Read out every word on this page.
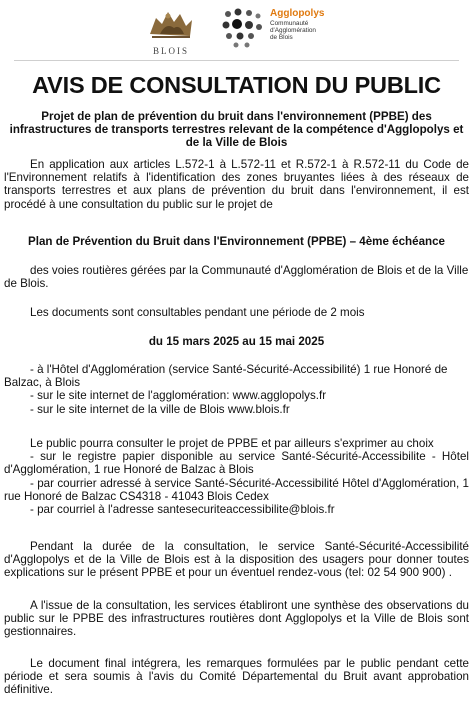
BLOIS
Agglopolys
Communauté
d'Agglomération
de Blois
AVIS DE CONSULTATION DU PUBLIC
Projet de plan de prévention du bruit dans l'environnement (PPBE) des infrastructures de transports terrestres relevant de la compétence d'Agglopolys et de la Ville de Blois
En application aux articles L.572-1 à L.572-11 et R.572-1 à R.572-11 du Code de l'Environnement relatifs à l'identification des zones bruyantes liées à des réseaux de transports terrestres et aux plans de prévention du bruit dans l'environnement, il est procédé à une consultation du public sur le projet de
Plan de Prévention du Bruit dans l'Environnement (PPBE) – 4ème échéance
des voies routières gérées par la Communauté d'Agglomération de Blois et de la Ville de Blois.
Les documents sont consultables pendant une période de 2 mois
du 15 mars 2025 au 15 mai 2025
- à l'Hôtel d'Agglomération (service Santé-Sécurité-Accessibilité) 1 rue Honoré de Balzac, à Blois
- sur le site internet de l'agglomération: www.agglopolys.fr
- sur le site internet de la ville de Blois www.blois.fr
Le public pourra consulter le projet de PPBE et par ailleurs s'exprimer au choix
- sur le registre papier disponible au service Santé-Sécurité-Accessibilite - Hôtel d'Agglomération, 1 rue Honoré de Balzac à Blois
- par courrier adressé à service Santé-Sécurité-Accessibilité Hôtel d'Agglomération, 1 rue Honoré de Balzac CS4318 - 41043 Blois Cedex
- par courriel à l'adresse santesecuriteaccessibilite@blois.fr
Pendant la durée de la consultation, le service Santé-Sécurité-Accessibilité d'Agglopolys et de la Ville de Blois est à la disposition des usagers pour donner toutes explications sur le présent PPBE et pour un éventuel rendez-vous (tel: 02 54 900 900) .
A l'issue de la consultation, les services établiront une synthèse des observations du public sur le PPBE des infrastructures routières dont Agglopolys et la Ville de Blois sont gestionnaires.
Le document final intégrera, les remarques formulées par le public pendant cette période et sera soumis à l'avis du Comité Départemental du Bruit avant approbation définitive.
